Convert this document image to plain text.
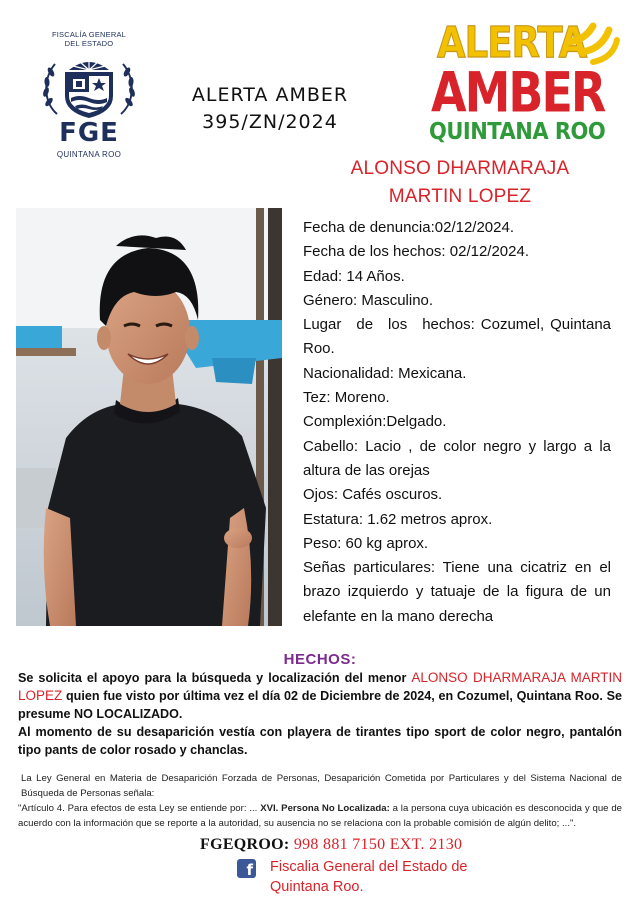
FISCALÍA GENERAL
DEL ESTADO
FGE
QUINTANA ROO
ALERTA AMBER
395/ZN/2024
ALERTA
AMBER
QUINTANA ROO
ALONSO DHARMARAJA
MARTIN LOPEZ
Fecha de denuncia:02/12/2024.
Fecha de los hechos: 02/12/2024.
Edad: 14 Años.
Género: Masculino.
Lugar de los hechos: Cozumel, Quintana Roo.
Nacionalidad: Mexicana.
Tez: Moreno.
Complexión:Delgado.
Cabello: Lacio , de color negro y largo a la altura de las orejas
Ojos: Cafés oscuros.
Estatura: 1.62 metros aprox.
Peso: 60 kg aprox.
Señas particulares: Tiene una cicatriz en el brazo izquierdo y tatuaje de la figura de un elefante en la mano derecha
HECHOS:
Se solicita el apoyo para la búsqueda y localización del menor ALONSO DHARMARAJA MARTIN LOPEZ quien fue visto por última vez el día 02 de Diciembre de 2024, en Cozumel, Quintana Roo. Se presume NO LOCALIZADO.
Al momento de su desaparición vestía con playera de tirantes tipo sport de color negro, pantalón tipo pants de color rosado y chanclas.
La Ley General en Materia de Desaparición Forzada de Personas, Desaparición Cometida por Particulares y del Sistema Nacional de Búsqueda de Personas señala:
"Artículo 4. Para efectos de esta Ley se entiende por: ... XVI. Persona No Localizada: a la persona cuya ubicación es desconocida y que de acuerdo con la información que se reporte a la autoridad, su ausencia no se relaciona con la probable comisión de algún delito; ...".
FGEQROO: 998 881 7150 EXT. 2130
f Fiscalia General del Estado de
Quintana Roo.
